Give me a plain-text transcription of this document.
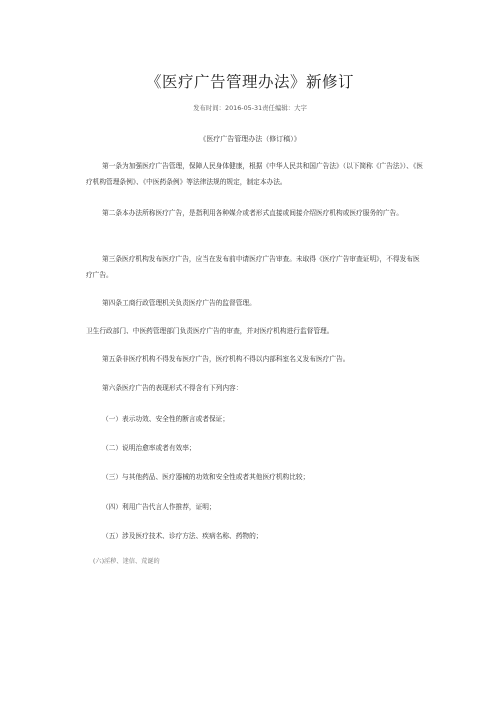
《医疗广告管理办法》新修订
发布时间：2016-05-31责任编辑：大字
《医疗广告管理办法（修订稿）》

第一条为加强医疗广告管理，保障人民身体健康，根据《中华人民共和国广告法》（以下简称《广告法》）、《医疗机构管理条例》、《中医药条例》等法律法规的规定，制定本办法。

第二条本办法所称医疗广告，是指利用各种媒介或者形式直接或间接介绍医疗机构或医疗服务的广告。

第三条医疗机构发布医疗广告，应当在发布前申请医疗广告审查。未取得《医疗广告审查证明》，不得发布医疗广告。

第四条工商行政管理机关负责医疗广告的监督管理。

卫生行政部门、中医药管理部门负责医疗广告的审查，并对医疗机构进行监督管理。

第五条非医疗机构不得发布医疗广告，医疗机构不得以内部科室名义发布医疗广告。

第六条医疗广告的表现形式不得含有下列内容：

（一）表示功效、安全性的断言或者保证；

（二）说明治愈率或者有效率；

（三）与其他药品、医疗器械的功效和安全性或者其他医疗机构比较；

（四）利用广告代言人作推荐，证明；

（五）涉及医疗技术、诊疗方法、疾病名称、药物的；

(六)淫秽、迷信、荒诞的
